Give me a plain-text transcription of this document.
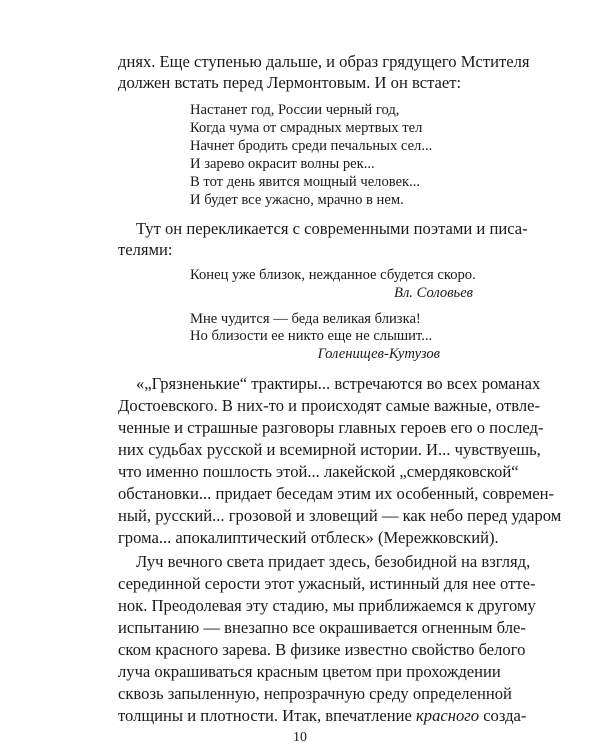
днях. Еще ступенью дальше, и образ грядущего Мстителя
должен встать перед Лермонтовым. И он встает:
Настанет год, России черный год,
Когда чума от смрадных мертвых тел
Начнет бродить среди печальных сел...
И зарево окрасит волны рек...
В тот день явится мощный человек...
И будет все ужасно, мрачно в нем.
Тут он перекликается с современными поэтами и писа-
телями:
Конец уже близок, нежданное сбудется скоро.
Вл. Соловьев
Мне чудится — беда великая близка!
Но близости ее никто еще не слышит...
Голенищев-Кутузов
«„Грязненькие“ трактиры... встречаются во всех романах
Достоевского. В них-то и происходят самые важные, отвле-
ченные и страшные разговоры главных героев его о послед-
них судьбах русской и всемирной истории. И... чувствуешь,
что именно пошлость этой... лакейской „смердяковской“
обстановки... придает беседам этим их особенный, современ-
ный, русский... грозовой и зловещий — как небо перед ударом
грома... апокалиптический отблеск» (Мережковский).
Луч вечного света придает здесь, безобидной на взгляд,
серединной серости этот ужасный, истинный для нее отте-
нок. Преодолевая эту стадию, мы приближаемся к другому
испытанию — внезапно все окрашивается огненным бле-
ском красного зарева. В физике известно свойство белого
луча окрашиваться красным цветом при прохождении
сквозь запыленную, непрозрачную среду определенной
толщины и плотности. Итак, впечатление красного созда-
10
